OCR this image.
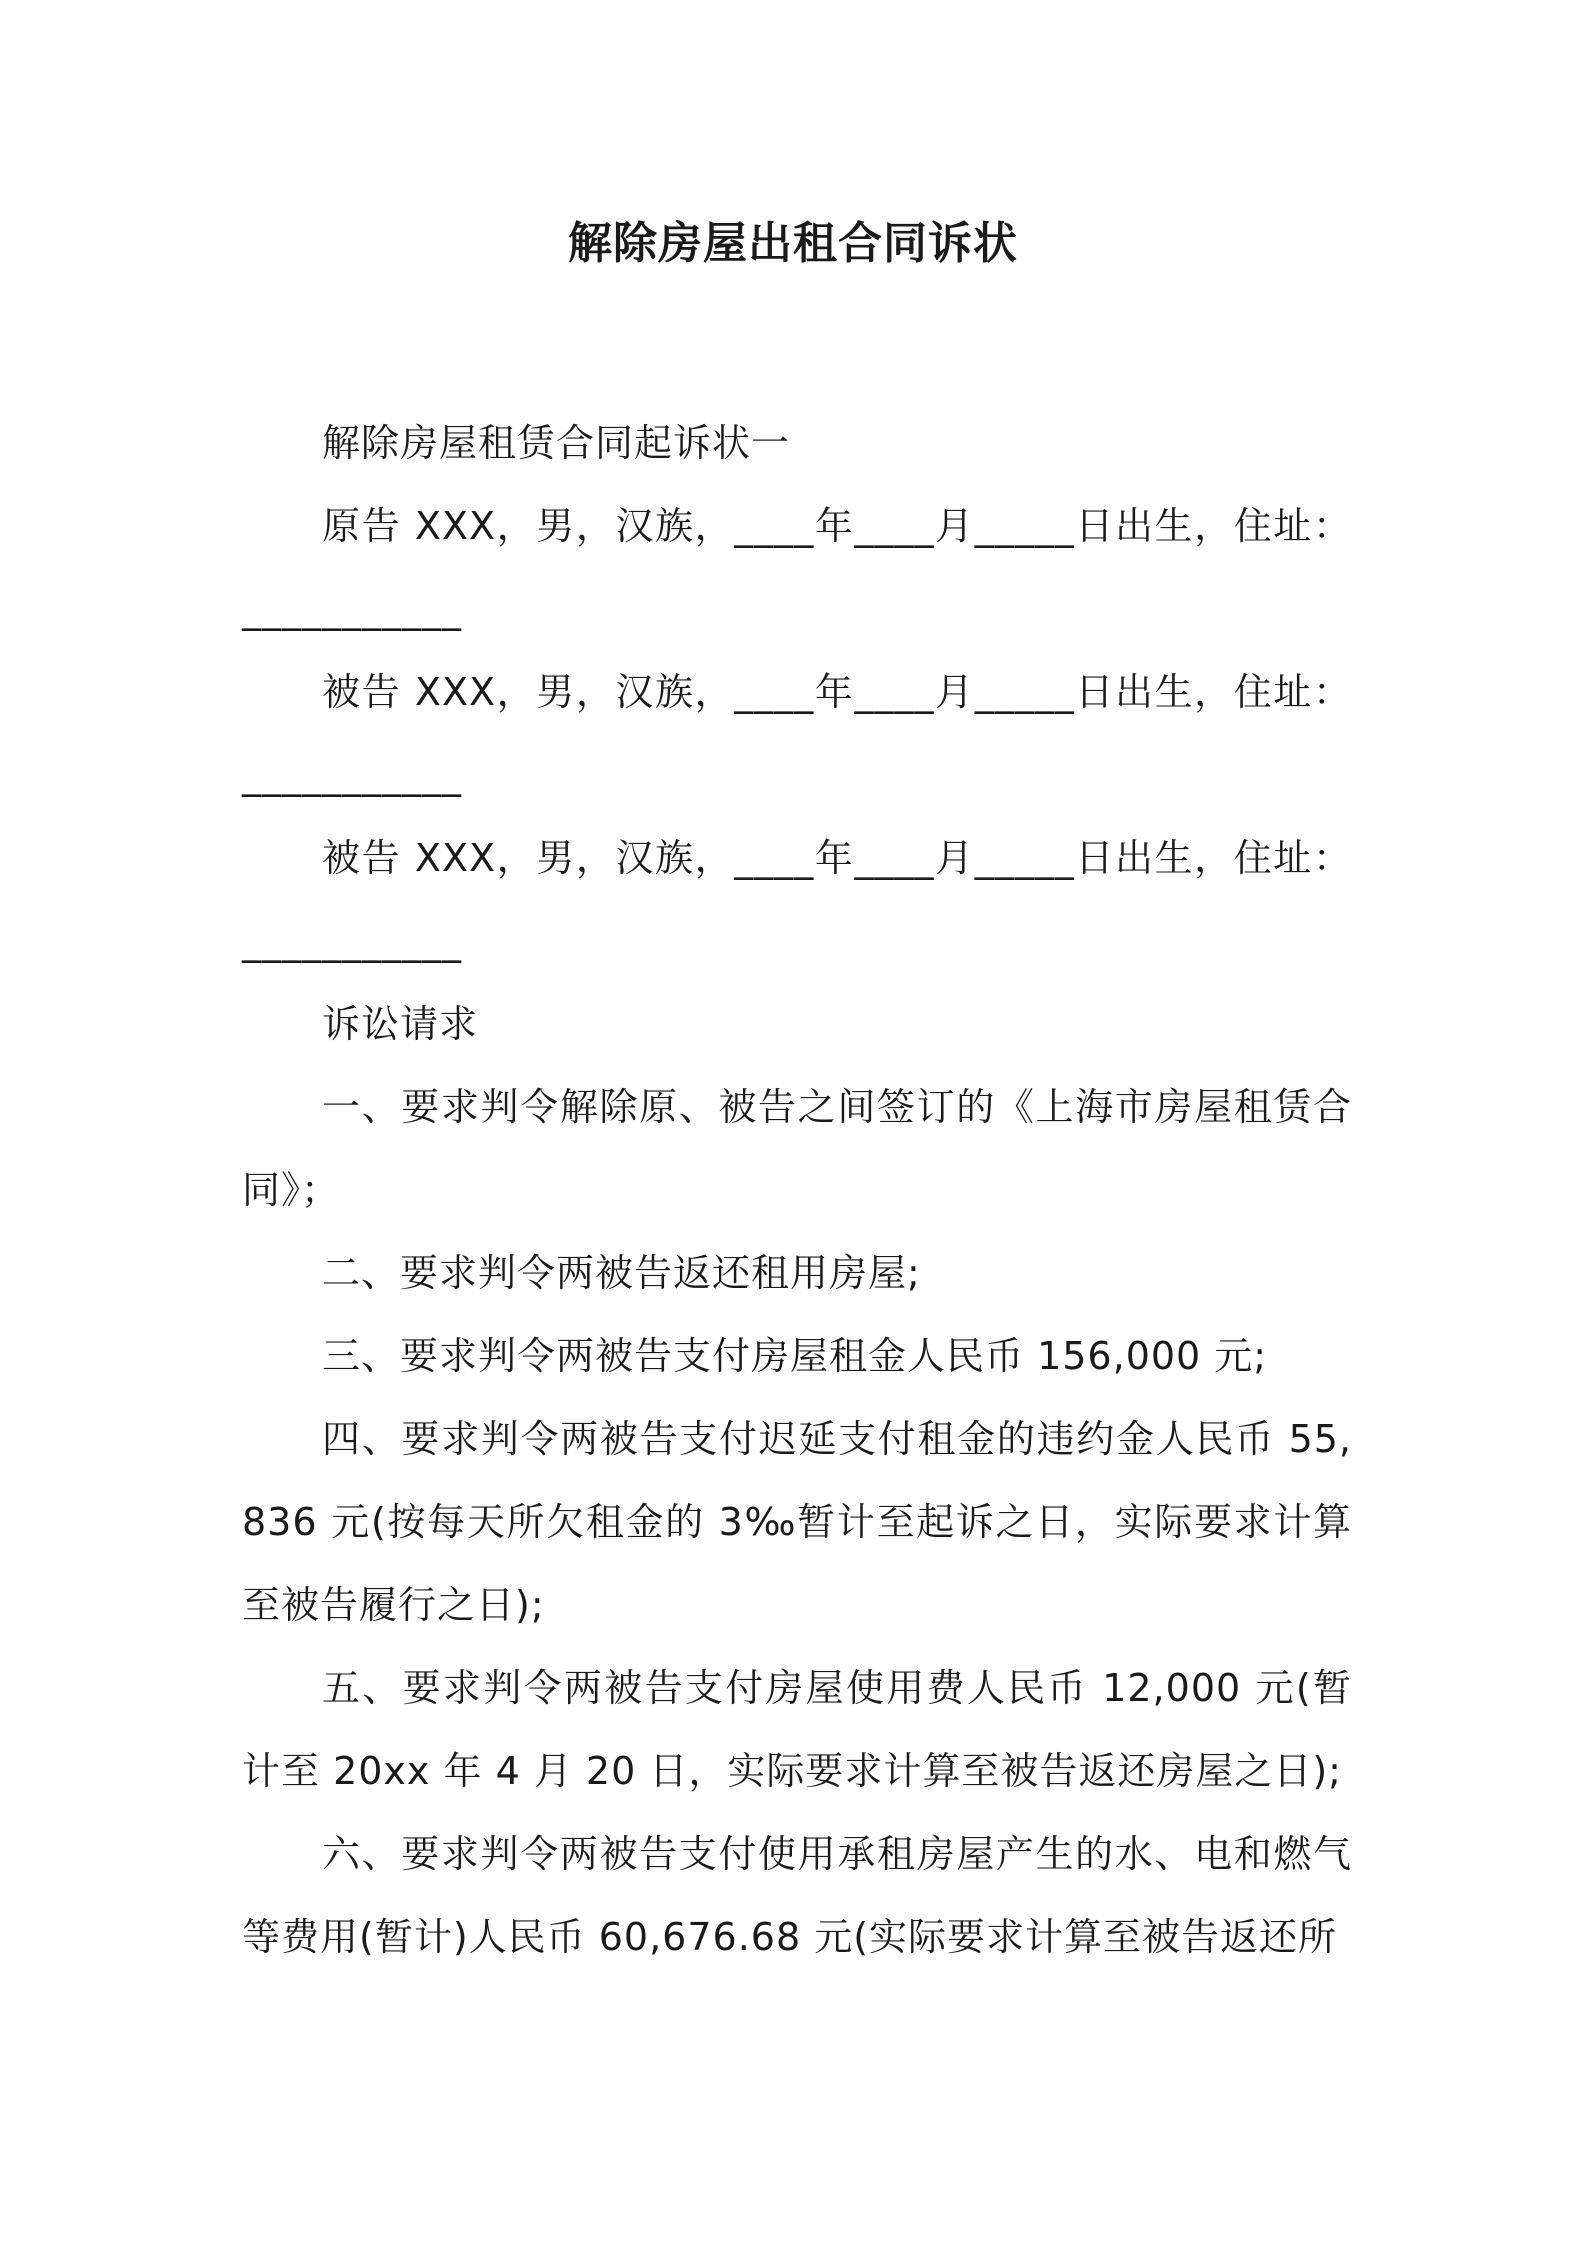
解除房屋出租合同诉状

解除房屋租赁合同起诉状一

原告 XXX，男，汉族，____年____月_____日出生，住址：___________

被告 XXX，男，汉族，____年____月_____日出生，住址：___________

被告 XXX，男，汉族，____年____月_____日出生，住址：___________

诉讼请求

一、要求判令解除原、被告之间签订的《上海市房屋租赁合同》；

二、要求判令两被告返还租用房屋;

三、要求判令两被告支付房屋租金人民币 156,000 元;

四、要求判令两被告支付迟延支付租金的违约金人民币 55,836 元(按每天所欠租金的 3‰暂计至起诉之日，实际要求计算至被告履行之日);

五、要求判令两被告支付房屋使用费人民币 12,000 元(暂计至 20xx 年 4 月 20 日，实际要求计算至被告返还房屋之日);

六、要求判令两被告支付使用承租房屋产生的水、电和燃气等费用(暂计)人民币 60,676.68 元(实际要求计算至被告返还所
